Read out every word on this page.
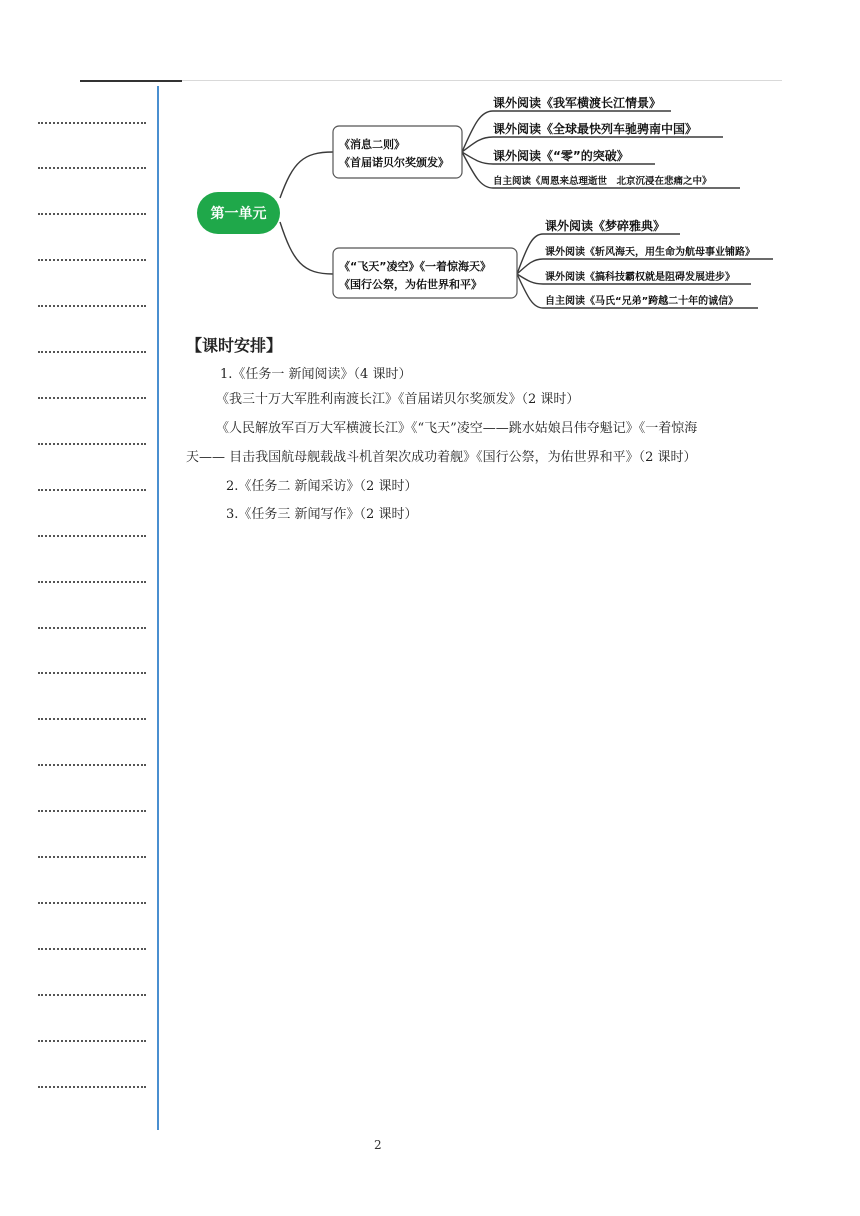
第一单元
《消息二则》
《首届诺贝尔奖颁发》
《“飞天”凌空》《一着惊海天》
《国行公祭，为佑世界和平》
课外阅读《我军横渡长江情景》
课外阅读《全球最快列车驰骋南中国》
课外阅读《“零”的突破》
自主阅读《周恩来总理逝世　北京沉浸在悲痛之中》
课外阅读《梦碎雅典》
课外阅读《斩风海天，用生命为航母事业铺路》
课外阅读《搞科技霸权就是阻碍发展进步》
自主阅读《马氏“兄弟”跨越二十年的诚信》
【课时安排】
1.《任务一 新闻阅读》（4 课时）
《我三十万大军胜利南渡长江》《首届诺贝尔奖颁发》（2 课时）
《人民解放军百万大军横渡长江》《“飞天”凌空——跳水姑娘吕伟夺魁记》《一着惊海
天—— 目击我国航母舰载战斗机首架次成功着舰》《国行公祭，为佑世界和平》（2 课时）
2.《任务二 新闻采访》（2 课时）
3.《任务三 新闻写作》（2 课时）
2
